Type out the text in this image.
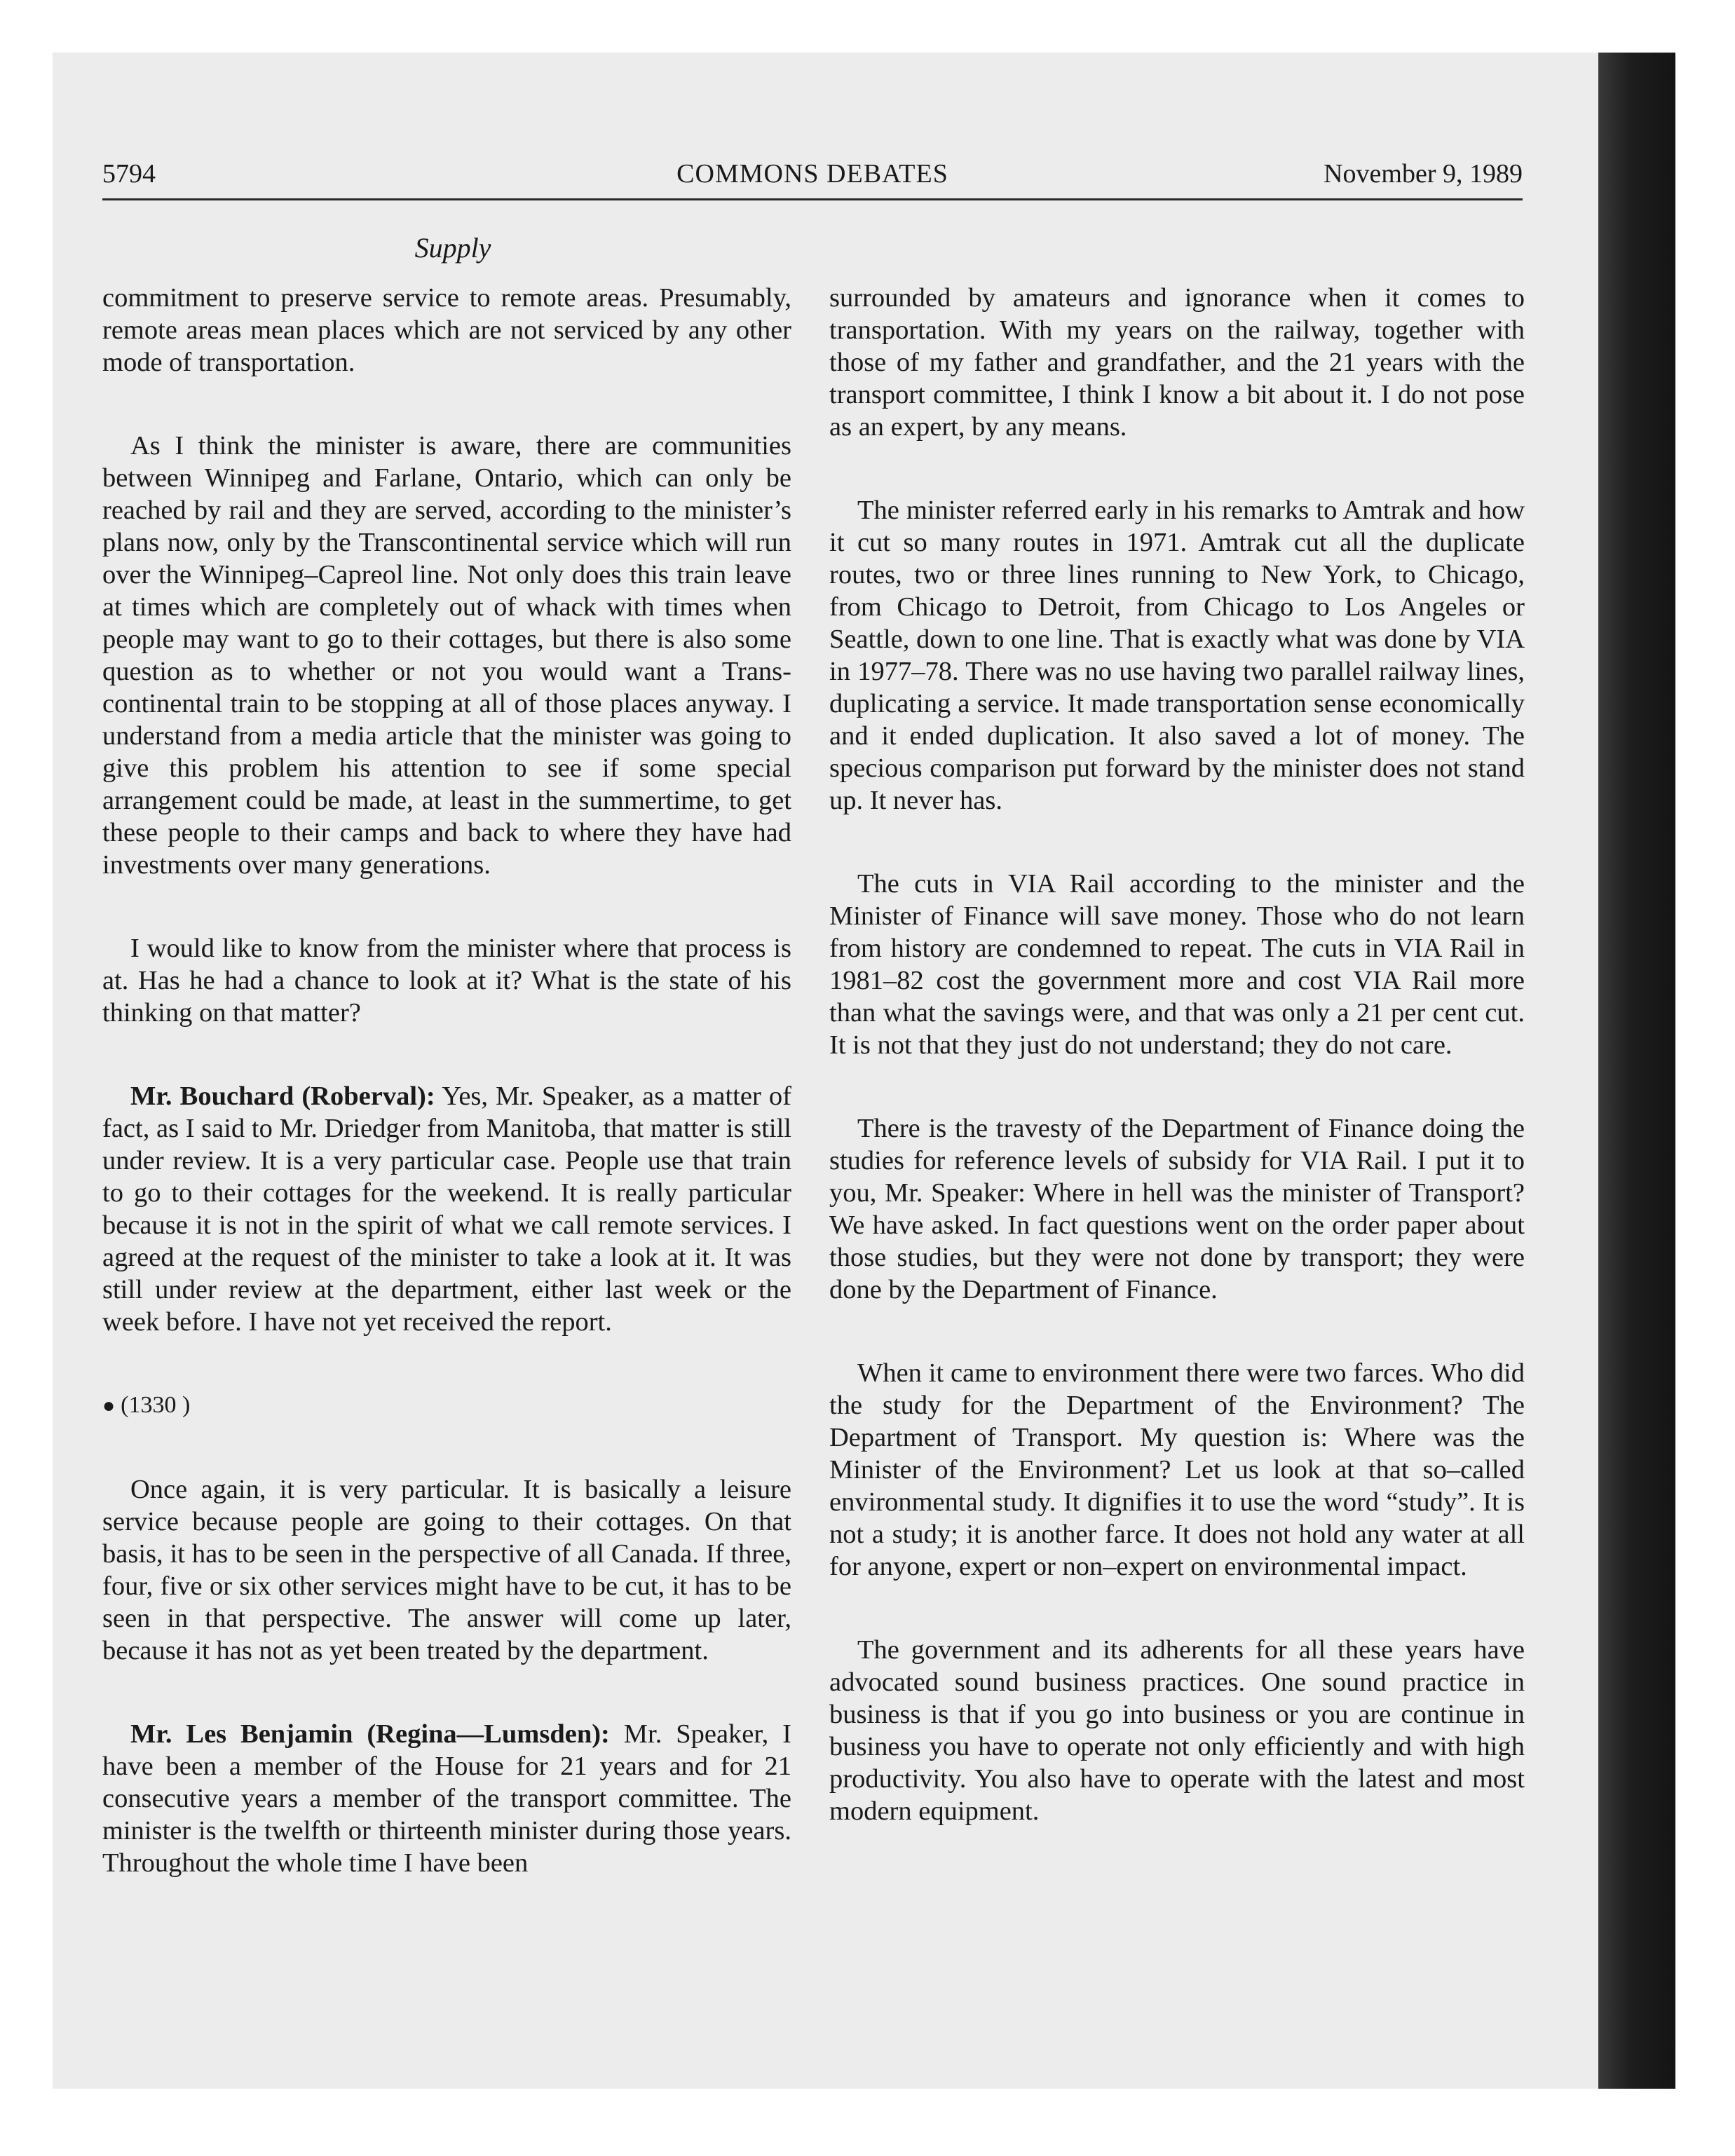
5794	COMMONS DEBATES	November 9, 1989
Supply

commitment to preserve service to remote areas. Presumably, remote areas mean places which are not serviced by any other mode of transportation.

As I think the minister is aware, there are communities between Winnipeg and Farlane, Ontario, which can only be reached by rail and they are served, according to the minister’s plans now, only by the Transcontinental service which will run over the Winnipeg–Capreol line. Not only does this train leave at times which are completely out of whack with times when people may want to go to their cottages, but there is also some question as to whether or not you would want a Transcontinental train to be stopping at all of those places anyway. I understand from a media article that the minister was going to give this problem his attention to see if some special arrangement could be made, at least in the summertime, to get these people to their camps and back to where they have had investments over many generations.

I would like to know from the minister where that process is at. Has he had a chance to look at it? What is the state of his thinking on that matter?

Mr. Bouchard (Roberval): Yes, Mr. Speaker, as a matter of fact, as I said to Mr. Driedger from Manitoba, that matter is still under review. It is a very particular case. People use that train to go to their cottages for the weekend. It is really particular because it is not in the spirit of what we call remote services. I agreed at the request of the minister to take a look at it. It was still under review at the department, either last week or the week before. I have not yet received the report.

● (1330 )

Once again, it is very particular. It is basically a leisure service because people are going to their cottages. On that basis, it has to be seen in the perspective of all Canada. If three, four, five or six other services might have to be cut, it has to be seen in that perspective. The answer will come up later, because it has not as yet been treated by the department.

Mr. Les Benjamin (Regina—Lumsden): Mr. Speaker, I have been a member of the House for 21 years and for 21 consecutive years a member of the transport committee. The minister is the twelfth or thirteenth minister during those years. Throughout the whole time I have been

surrounded by amateurs and ignorance when it comes to transportation. With my years on the railway, together with those of my father and grandfather, and the 21 years with the transport committee, I think I know a bit about it. I do not pose as an expert, by any means.

The minister referred early in his remarks to Amtrak and how it cut so many routes in 1971. Amtrak cut all the duplicate routes, two or three lines running to New York, to Chicago, from Chicago to Detroit, from Chicago to Los Angeles or Seattle, down to one line. That is exactly what was done by VIA in 1977–78. There was no use having two parallel railway lines, duplicating a service. It made transportation sense economically and it ended duplication. It also saved a lot of money. The specious comparison put forward by the minister does not stand up. It never has.

The cuts in VIA Rail according to the minister and the Minister of Finance will save money. Those who do not learn from history are condemned to repeat. The cuts in VIA Rail in 1981–82 cost the government more and cost VIA Rail more than what the savings were, and that was only a 21 per cent cut. It is not that they just do not understand; they do not care.

There is the travesty of the Department of Finance doing the studies for reference levels of subsidy for VIA Rail. I put it to you, Mr. Speaker: Where in hell was the minister of Transport? We have asked. In fact questions went on the order paper about those studies, but they were not done by transport; they were done by the Department of Finance.

When it came to environment there were two farces. Who did the study for the Department of the Environment? The Department of Transport. My question is: Where was the Minister of the Environment? Let us look at that so–called environmental study. It dignifies it to use the word “study”. It is not a study; it is another farce. It does not hold any water at all for anyone, expert or non–expert on environmental impact.

The government and its adherents for all these years have advocated sound business practices. One sound practice in business is that if you go into business or you are continue in business you have to operate not only efficiently and with high productivity. You also have to operate with the latest and most modern equipment.
